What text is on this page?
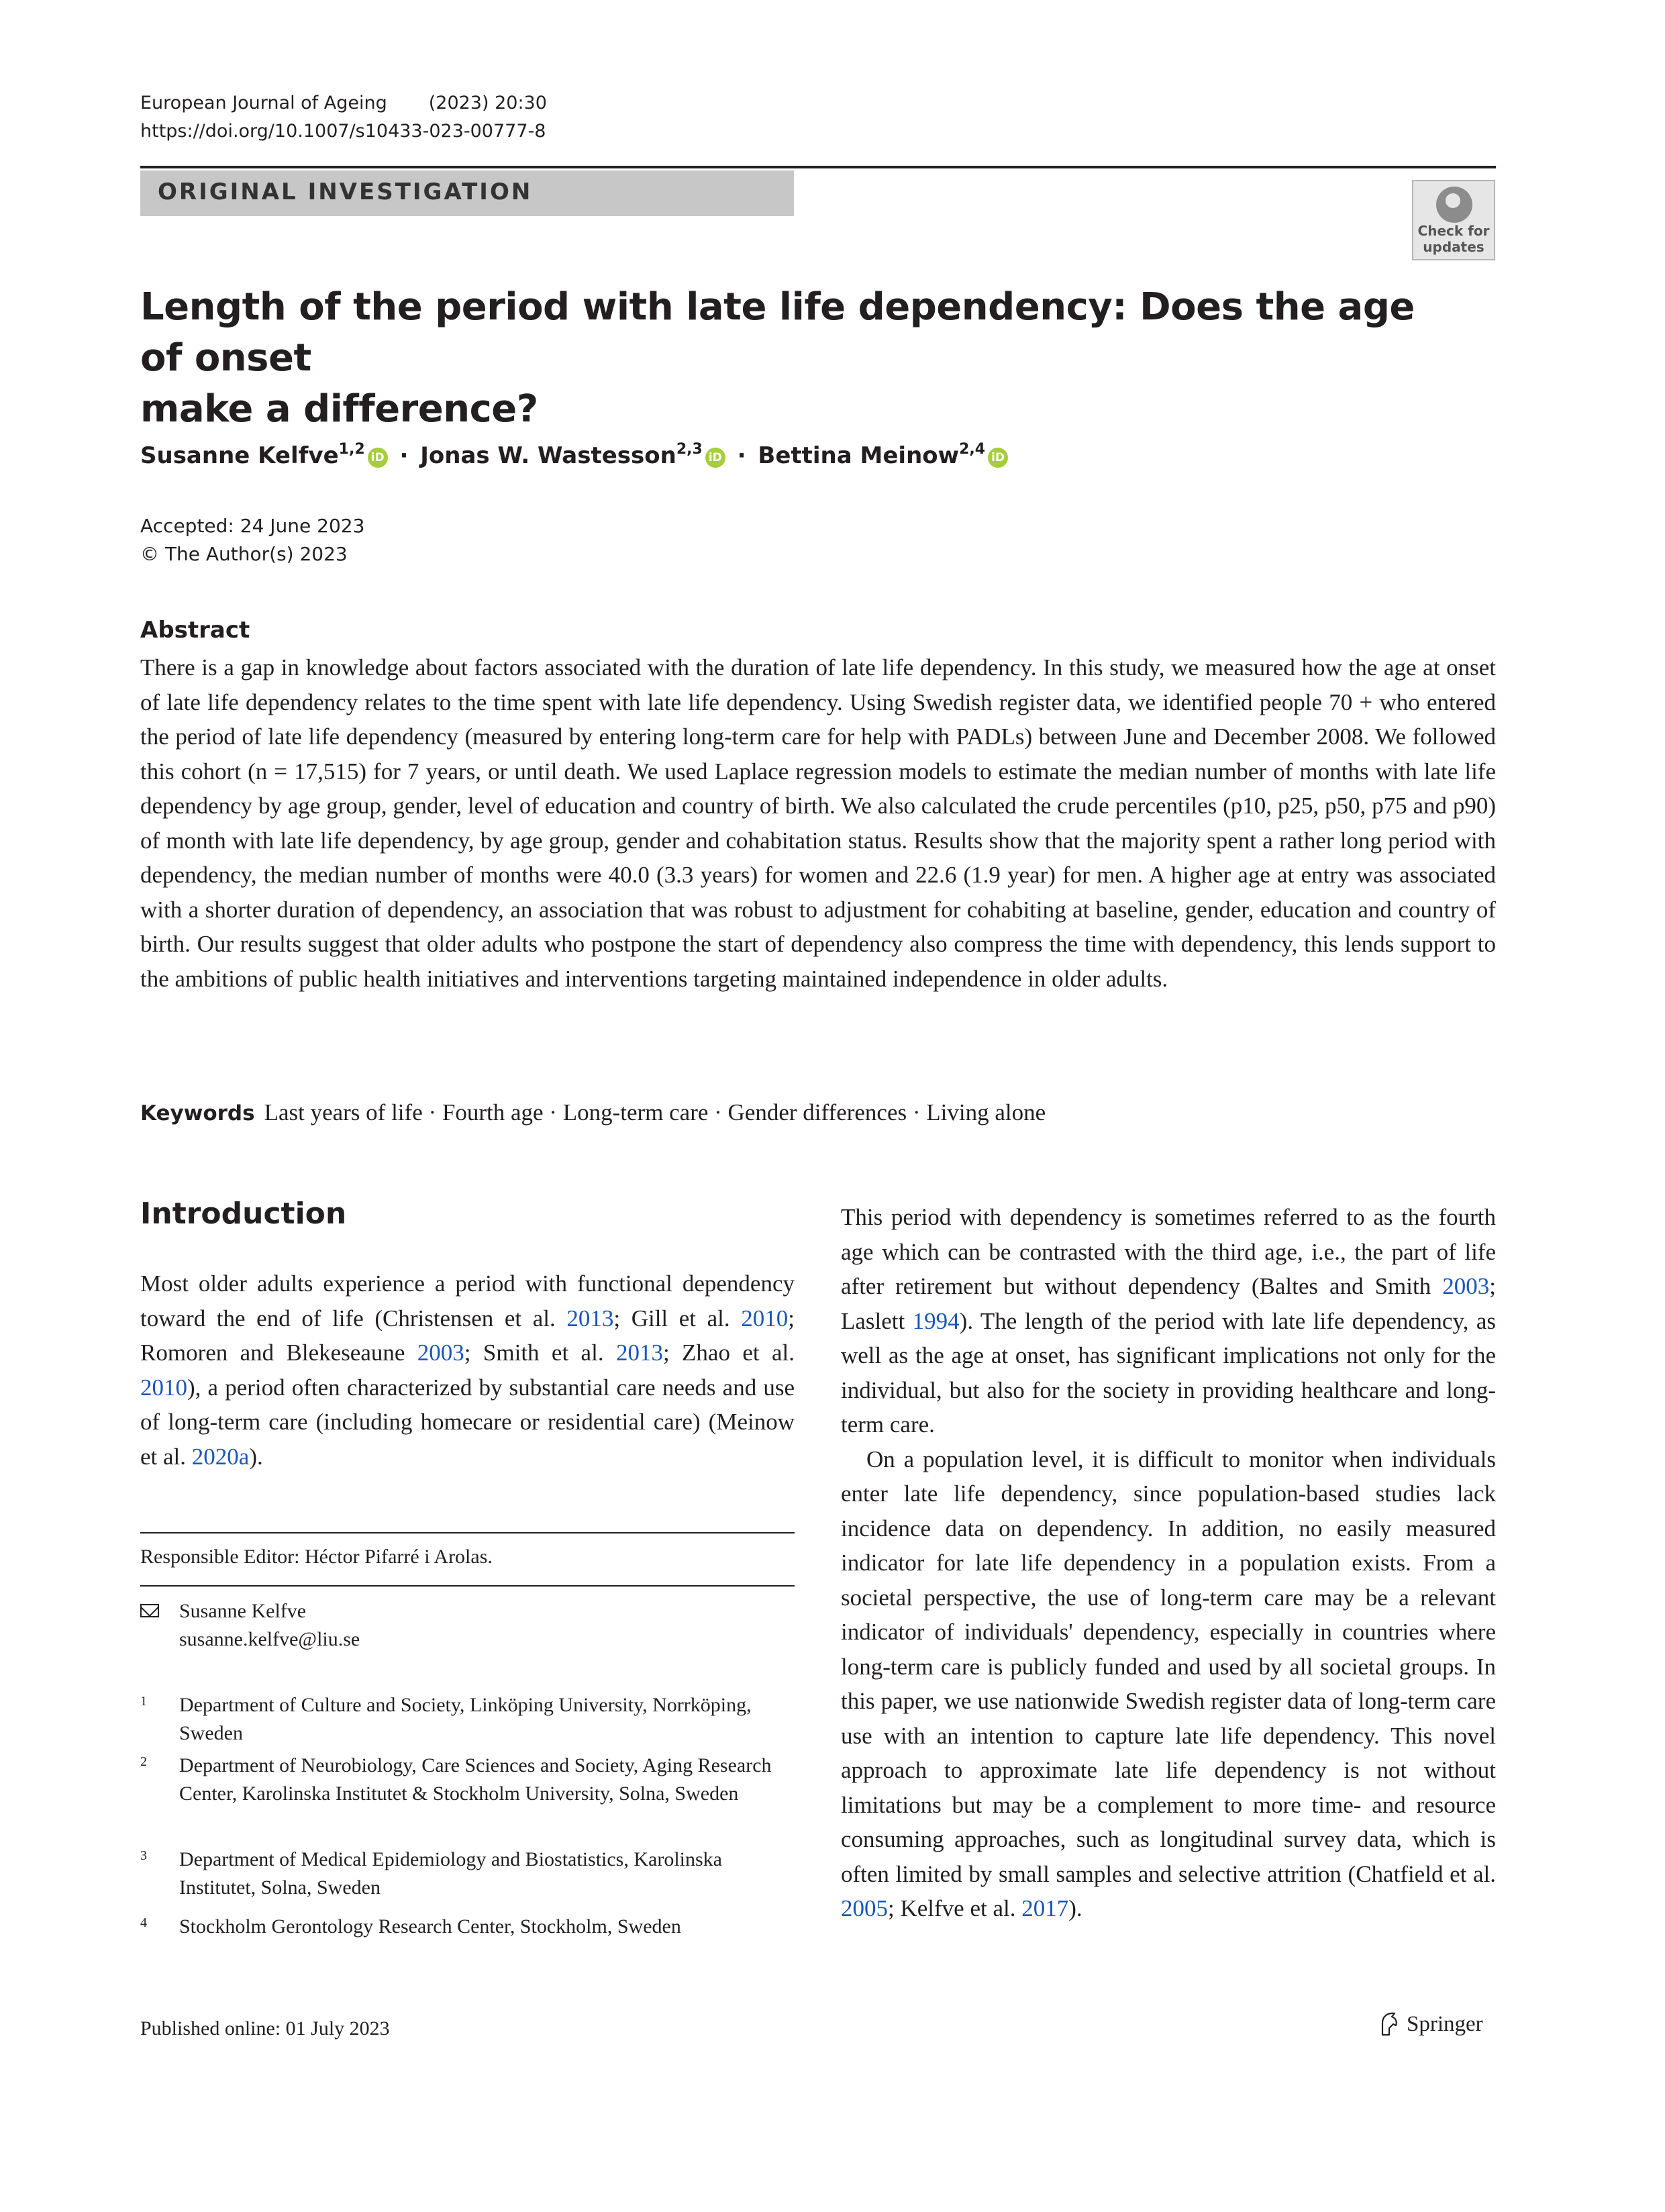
European Journal of Ageing (2023) 20:30
https://doi.org/10.1007/s10433-023-00777-8
ORIGINAL INVESTIGATION
Check for
updates
Length of the period with late life dependency: Does the age of onset
make a difference?
Susanne Kelfve$^{1,2}$ iD · Jonas W. Wastesson$^{2,3}$ iD · Bettina Meinow$^{2,4}$ iD
Accepted: 24 June 2023
© The Author(s) 2023
Abstract

There is a gap in knowledge about factors associated with the duration of late life dependency. In this study, we measured how the age at onset of late life dependency relates to the time spent with late life dependency. Using Swedish register data, we identified people 70 + who entered the period of late life dependency (measured by entering long-term care for help with PADLs) between June and December 2008. We followed this cohort (n = 17,515) for 7 years, or until death. We used Laplace regression models to estimate the median number of months with late life dependency by age group, gender, level of education and country of birth. We also calculated the crude percentiles (p10, p25, p50, p75 and p90) of month with late life dependency, by age group, gender and cohabitation status. Results show that the majority spent a rather long period with dependency, the median number of months were 40.0 (3.3 years) for women and 22.6 (1.9 year) for men. A higher age at entry was associated with a shorter duration of dependency, an association that was robust to adjustment for cohabiting at baseline, gender, education and country of birth. Our results suggest that older adults who postpone the start of dependency also compress the time with dependency, this lends support to the ambitions of public health initiatives and interventions targeting maintained independence in older adults.

Keywords Last years of life · Fourth age · Long-term care · Gender differences · Living alone
Introduction

Most older adults experience a period with functional dependency toward the end of life (Christensen et al. 2013; Gill et al. 2010; Romoren and Blekeseaune 2003; Smith et al. 2013; Zhao et al. 2010), a period often characterized by substantial care needs and use of long-term care (including homecare or residential care) (Meinow et al. 2020a).

Responsible Editor: Héctor Pifarré i Arolas.
Susanne Kelfve
susanne.kelfve@liu.se
1 Department of Culture and Society, Linköping University, Norrköping, Sweden
2 Department of Neurobiology, Care Sciences and Society, Aging Research Center, Karolinska Institutet & Stockholm University, Solna, Sweden
3 Department of Medical Epidemiology and Biostatistics, Karolinska Institutet, Solna, Sweden
4 Stockholm Gerontology Research Center, Stockholm, Sweden

This period with dependency is sometimes referred to as the fourth age which can be contrasted with the third age, i.e., the part of life after retirement but without dependency (Baltes and Smith 2003; Laslett 1994). The length of the period with late life dependency, as well as the age at onset, has significant implications not only for the individual, but also for the society in providing healthcare and long-term care.

On a population level, it is difficult to monitor when individuals enter late life dependency, since population-based studies lack incidence data on dependency. In addition, no easily measured indicator for late life dependency in a population exists. From a societal perspective, the use of long-term care may be a relevant indicator of individuals' dependency, especially in countries where long-term care is publicly funded and used by all societal groups. In this paper, we use nationwide Swedish register data of long-term care use with an intention to capture late life dependency. This novel approach to approximate late life dependency is not without limitations but may be a complement to more time- and resource consuming approaches, such as longitudinal survey data, which is often limited by small samples and selective attrition (Chatfield et al. 2005; Kelfve et al. 2017).

Published online: 01 July 2023	Springer
